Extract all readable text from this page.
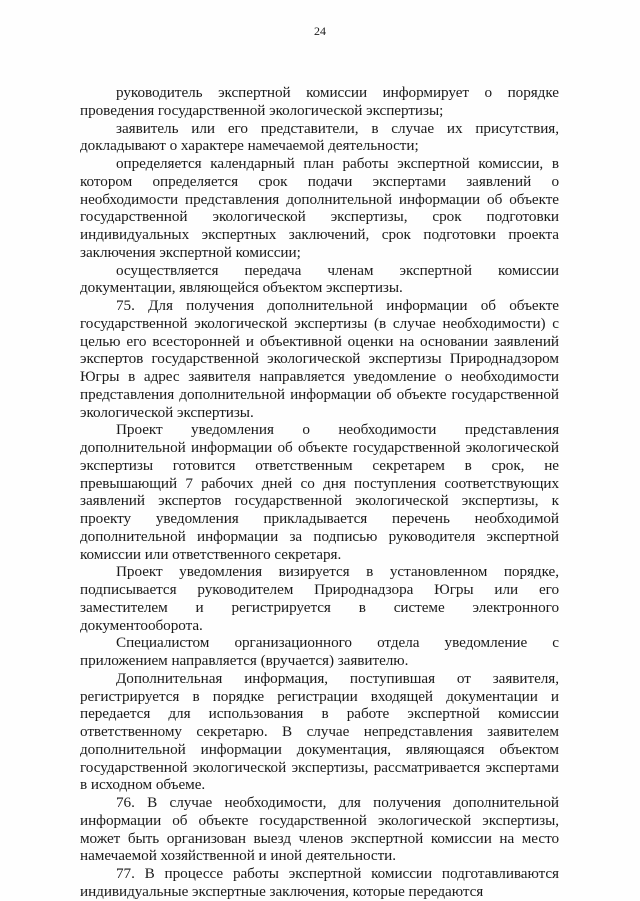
24

руководитель экспертной комиссии информирует о порядке проведения государственной экологической экспертизы;

заявитель или его представители, в случае их присутствия, докладывают о характере намечаемой деятельности;

определяется календарный план работы экспертной комиссии, в котором определяется срок подачи экспертами заявлений о необходимости представления дополнительной информации об объекте государственной экологической экспертизы, срок подготовки индивидуальных экспертных заключений, срок подготовки проекта заключения экспертной комиссии;

осуществляется передача членам экспертной комиссии документации, являющейся объектом экспертизы.

75. Для получения дополнительной информации об объекте государственной экологической экспертизы (в случае необходимости) с целью его всесторонней и объективной оценки на основании заявлений экспертов государственной экологической экспертизы Природнадзором Югры в адрес заявителя направляется уведомление о необходимости представления дополнительной информации об объекте государственной экологической экспертизы.

Проект уведомления о необходимости представления дополнительной информации об объекте государственной экологической экспертизы готовится ответственным секретарем в срок, не превышающий 7 рабочих дней со дня поступления соответствующих заявлений экспертов государственной экологической экспертизы, к проекту уведомления прикладывается перечень необходимой дополнительной информации за подписью руководителя экспертной комиссии или ответственного секретаря.

Проект уведомления визируется в установленном порядке, подписывается руководителем Природнадзора Югры или его заместителем и регистрируется в системе электронного документооборота.

Специалистом организационного отдела уведомление с приложением направляется (вручается) заявителю.

Дополнительная информация, поступившая от заявителя, регистрируется в порядке регистрации входящей документации и передается для использования в работе экспертной комиссии ответственному секретарю. В случае непредставления заявителем дополнительной информации документация, являющаяся объектом государственной экологической экспертизы, рассматривается экспертами в исходном объеме.

76. В случае необходимости, для получения дополнительной информации об объекте государственной экологической экспертизы, может быть организован выезд членов экспертной комиссии на место намечаемой хозяйственной и иной деятельности.

77. В процессе работы экспертной комиссии подготавливаются индивидуальные экспертные заключения, которые передаются
